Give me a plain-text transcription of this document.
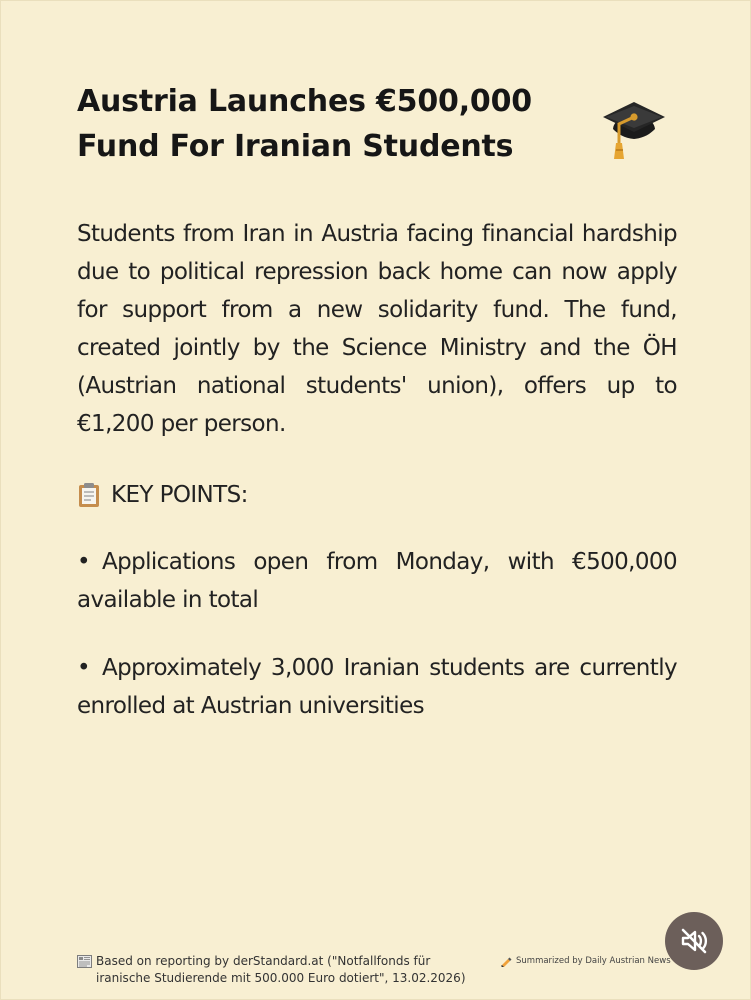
Austria Launches €500,000
Fund For Iranian Students

Students from Iran in Austria facing financial hardship due to political repression back home can now apply for support from a new solidarity fund. The fund, created jointly by the Science Ministry and the ÖH (Austrian national students' union), offers up to €1,200 per person.

KEY POINTS:

• Applications open from Monday, with €500,000 available in total

• Approximately 3,000 Iranian students are currently enrolled at Austrian universities

Based on reporting by derStandard.at ("Notfallfonds für iranische Studierende mit 500.000 Euro dotiert", 13.02.2026)
Summarized by Daily Austrian News
